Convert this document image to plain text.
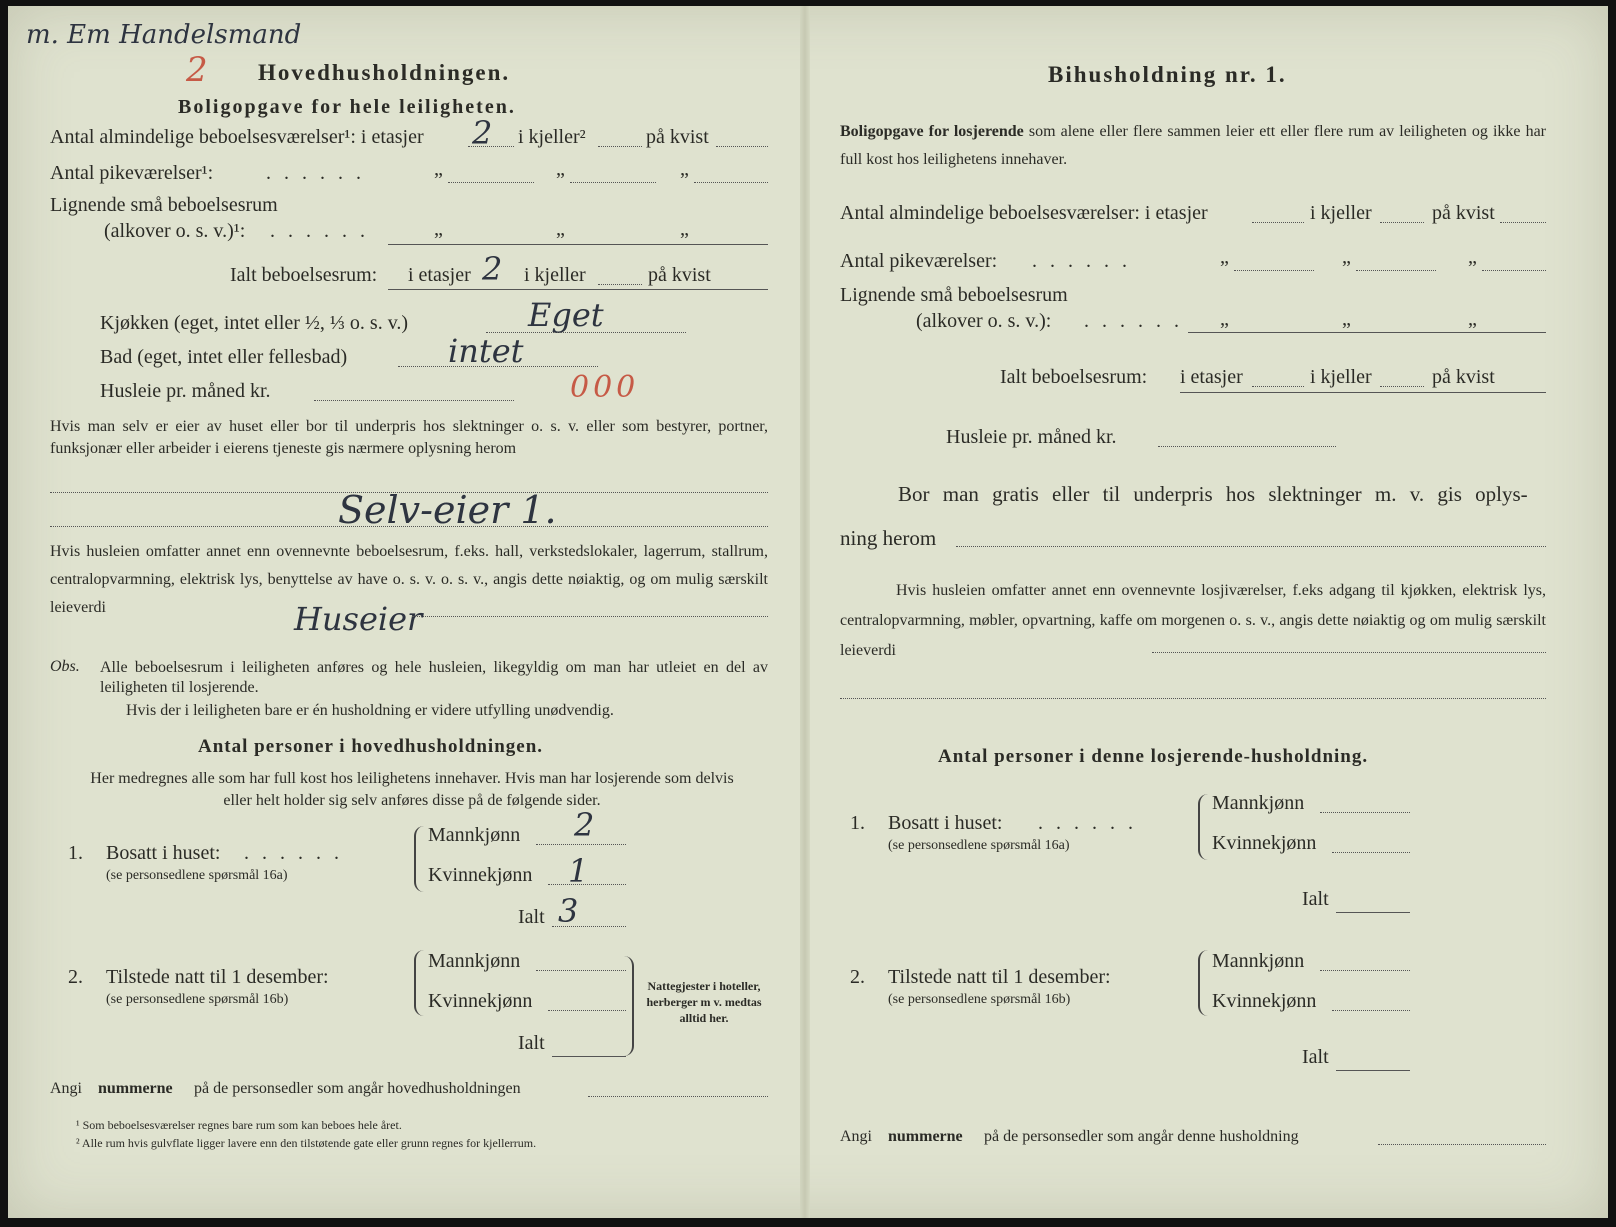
m. Em Handelsmand
2 Hovedhusholdningen.
Boligopgave for hele leiligheten.
Antal almindelige beboelsesværelser¹: i etasjer 2 i kjeller²	på kvist
Antal pikeværelser¹:	. . . . . .	„	„	„
Lignende små beboelsesrum
(alkover o. s. v.)¹: . . . . . .	„	„	„
Ialt beboelsesrum: i etasjer 2 i kjeller	på kvist
Kjøkken (eget, intet eller ½, ⅓ o. s. v.)	Eget
Bad (eget, intet eller fellesbad)	intet
Husleie pr. måned kr.	000
Hvis man selv er eier av huset eller bor til underpris hos slektninger o. s. v. eller som bestyrer, portner, funksjonær eller arbeider i eierens tjeneste gis nærmere oplysning herom
Selv-eier 1.
Hvis husleien omfatter annet enn ovennevnte beboelsesrum, f.eks. hall, verkstedslokaler, lagerrum, stallrum, centralopvarmning, elektrisk lys, benyttelse av have o. s. v. o. s. v., angis dette nøiaktig, og om mulig særskilt leieverdi	Huseier
Obs. Alle beboelsesrum i leiligheten anføres og hele husleien, likegyldig om man har utleiet en del av leiligheten til losjerende.
Hvis der i leiligheten bare er én husholdning er videre utfylling unødvendig.
Antal personer i hovedhusholdningen.
Her medregnes alle som har full kost hos leilighetens innehaver. Hvis man har losjerende som delvis eller helt holder sig selv anføres disse på de følgende sider.
1. Bosatt i huset: . . . . . .
(se personsedlene spørsmål 16a)
Mannkjønn 2
Kvinnekjønn 1
Ialt 3
2. Tilstede natt til 1 desember:
(se personsedlene spørsmål 16b)
Mannkjønn
Kvinnekjønn
Ialt
Nattegjester i hoteller, herberger m v. medtas alltid her.
Angi nummerne på de personsedler som angår hovedhusholdningen
¹ Som beboelsesværelser regnes bare rum som kan beboes hele året.
² Alle rum hvis gulvflate ligger lavere enn den tilstøtende gate eller grunn regnes for kjellerrum.
Bihusholdning nr. 1.
Boligopgave for losjerende som alene eller flere sammen leier ett eller flere rum av leiligheten og ikke har full kost hos leilighetens innehaver.
Antal almindelige beboelsesværelser: i etasjer	i kjeller	på kvist
Antal pikeværelser: . . . . . .	„	„	„
Lignende små beboelsesrum
(alkover o. s. v.): . . . . . . „	„	„
Ialt beboelsesrum: i etasjer	i kjeller	på kvist
Husleie pr. måned kr.
Bor man gratis eller til underpris hos slektninger m. v. gis oplys-
ning herom
Hvis husleien omfatter annet enn ovennevnte losjiværelser, f.eks adgang til kjøkken, elektrisk lys, centralopvarmning, møbler, opvartning, kaffe om morgenen o. s. v., angis dette nøiaktig og om mulig særskilt leieverdi
Antal personer i denne losjerende-husholdning.
1. Bosatt i huset: . . . . . .
(se personsedlene spørsmål 16a)
Mannkjønn
Kvinnekjønn
Ialt
2. Tilstede natt til 1 desember:
(se personsedlene spørsmål 16b)
Mannkjønn
Kvinnekjønn
Ialt
Angi nummerne på de personsedler som angår denne husholdning
